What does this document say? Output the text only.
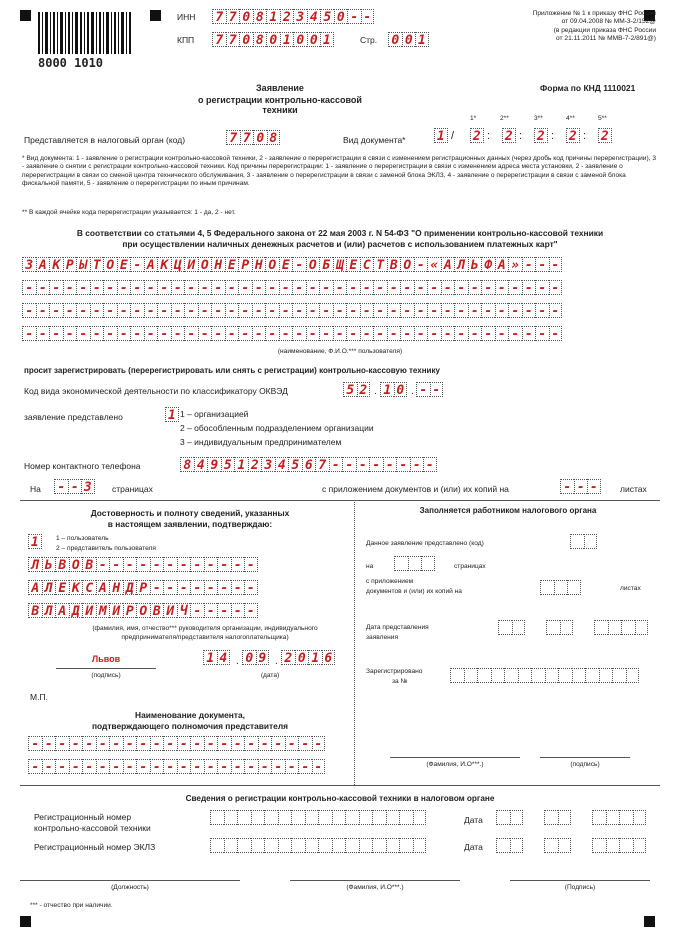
8000 1010
ИНН 7 7 0 8 1 2 3 4 5 0 - -
КПП 7 7 0 8 0 1 0 0 1	Стр. 0 0 1
Приложение № 1 к приказу ФНС России
от 09.04.2008 № ММ-3-2/152@
(в редакции приказа ФНС России
от 21.11.2011 № ММВ-7-2/891@)
Заявление
о регистрации контрольно-кассовой техники
Форма по КНД 1110021
Представляется в налоговый орган (код)	7 7 0 8	Вид документа*
1*	2**	3**	4**	5**
1 / 2 : 2 : 2 : 2 : 2
* Вид документа: 1 - заявление о регистрации контрольно-кассовой техники, 2 - заявление о перерегистрации в связи с изменением регистрационных данных (через дробь код причины перерегистрации), 3 - заявление о снятии с регистрации контрольно-кассовой техники. Код причины перерегистрации: 1 - заявление о перерегистрации в связи с изменением адреса места установки, 2 - заявление о перерегистрации в связи со сменой центра технического обслуживания, 3 - заявление о перерегистрации в связи с заменой блока ЭКЛЗ, 4 - заявление о перерегистрации в связи с заменой блока фискальной памяти, 5 - заявление о перерегистрации по иным причинам.
** В каждой ячейке кода перерегистрации указывается: 1 - да, 2 - нет.
В соответствии со статьями 4, 5 Федерального закона от 22 мая 2003 г. N 54-ФЗ "О применении контрольно-кассовой техники
при осуществлении наличных денежных расчетов и (или) расчетов с использованием платежных карт"
З А К Р Ы Т О Е - А К Ц И О Н Е Р Н О Е - О Б Щ Е С Т В О - « А Л Ь Ф А » - - -
- - - - - - - - - - - - - - - - - - - - - - - - - - - - - - - - - - - - - - - -
- - - - - - - - - - - - - - - - - - - - - - - - - - - - - - - - - - - - - - - -
- - - - - - - - - - - - - - - - - - - - - - - - - - - - - - - - - - - - - - - -
(наименование, Ф.И.О.*** пользователя)
просит зарегистрировать (перерегистрировать или снять с регистрации) контрольно-кассовую технику
Код вида экономической деятельности по классификатору ОКВЭД	5 2 . 1 0 . - -
заявление представлено	1 1 – организацией
2 – обособленным подразделением организации
3 – индивидуальным предпринимателем
Номер контактного телефона	8 4 9 5 1 2 3 4 5 6 7 - - - - - - - -
На - - 3	страницах	с приложением документов и (или) их копий на	- - -	листах
Достоверность и полноту сведений, указанных
в настоящем заявлении, подтверждаю:
1	1 – пользователь
2 – представитель пользователя
Л Ь В О В - - - - - - - - - - - -
А Л Е К С А Н Д Р - - - - - - - -
В Л А Д И М И Р О В И Ч - - - - -
(фамилия, имя, отчество*** руководителя организации, индивидуального
предпринимателя/представителя налогоплательщика)
Львов
(подпись)
1 4 . 0 9 . 2 0 1 6
(дата)
М.П.
Наименование документа,
подтверждающего полномочия представителя
- - - - - - - - - - - - - - - - - - - - - -
- - - - - - - - - - - - - - - - - - - - - -
Заполняется работником налогового органа
Данное заявление представлено (код)
на	страницах
с приложением
документов и (или) их копий на	листах
Дата представления
заявления
Зарегистрировано
за №
(Фамилия, И.О***.)	(подпись)
Сведения о регистрации контрольно-кассовой техники в налоговом органе
Регистрационный номер
контрольно-кассовой техники
Дата
Регистрационный номер ЭКЛЗ	Дата
(Должность)	(Фамилия, И.О***.)	(Подпись)
*** - отчество при наличии.
